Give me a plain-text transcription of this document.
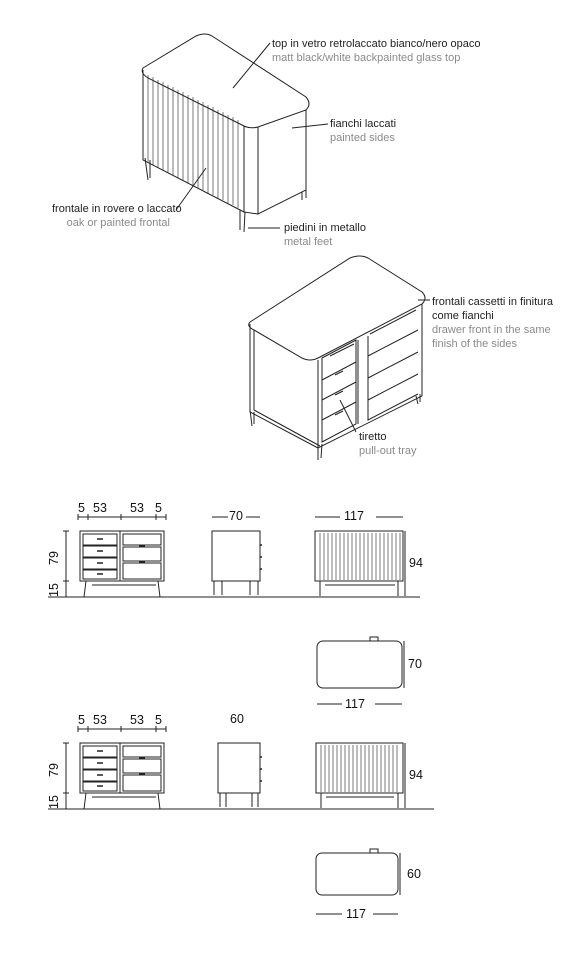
top in vetro retrolaccato bianco/nero opaco
matt black/white backpainted glass top
fianchi laccati
painted sides
frontale in rovere o laccato
oak or painted frontal	piedini in metallo
metal feet
frontali cassetti in finitura
come fianchi
drawer front in the same
finish of the sides
tiretto
pull-out tray
5 53 53 5
70	117
79
15
94
70
117
5 53 53 5	60
79
15
94
60
117
